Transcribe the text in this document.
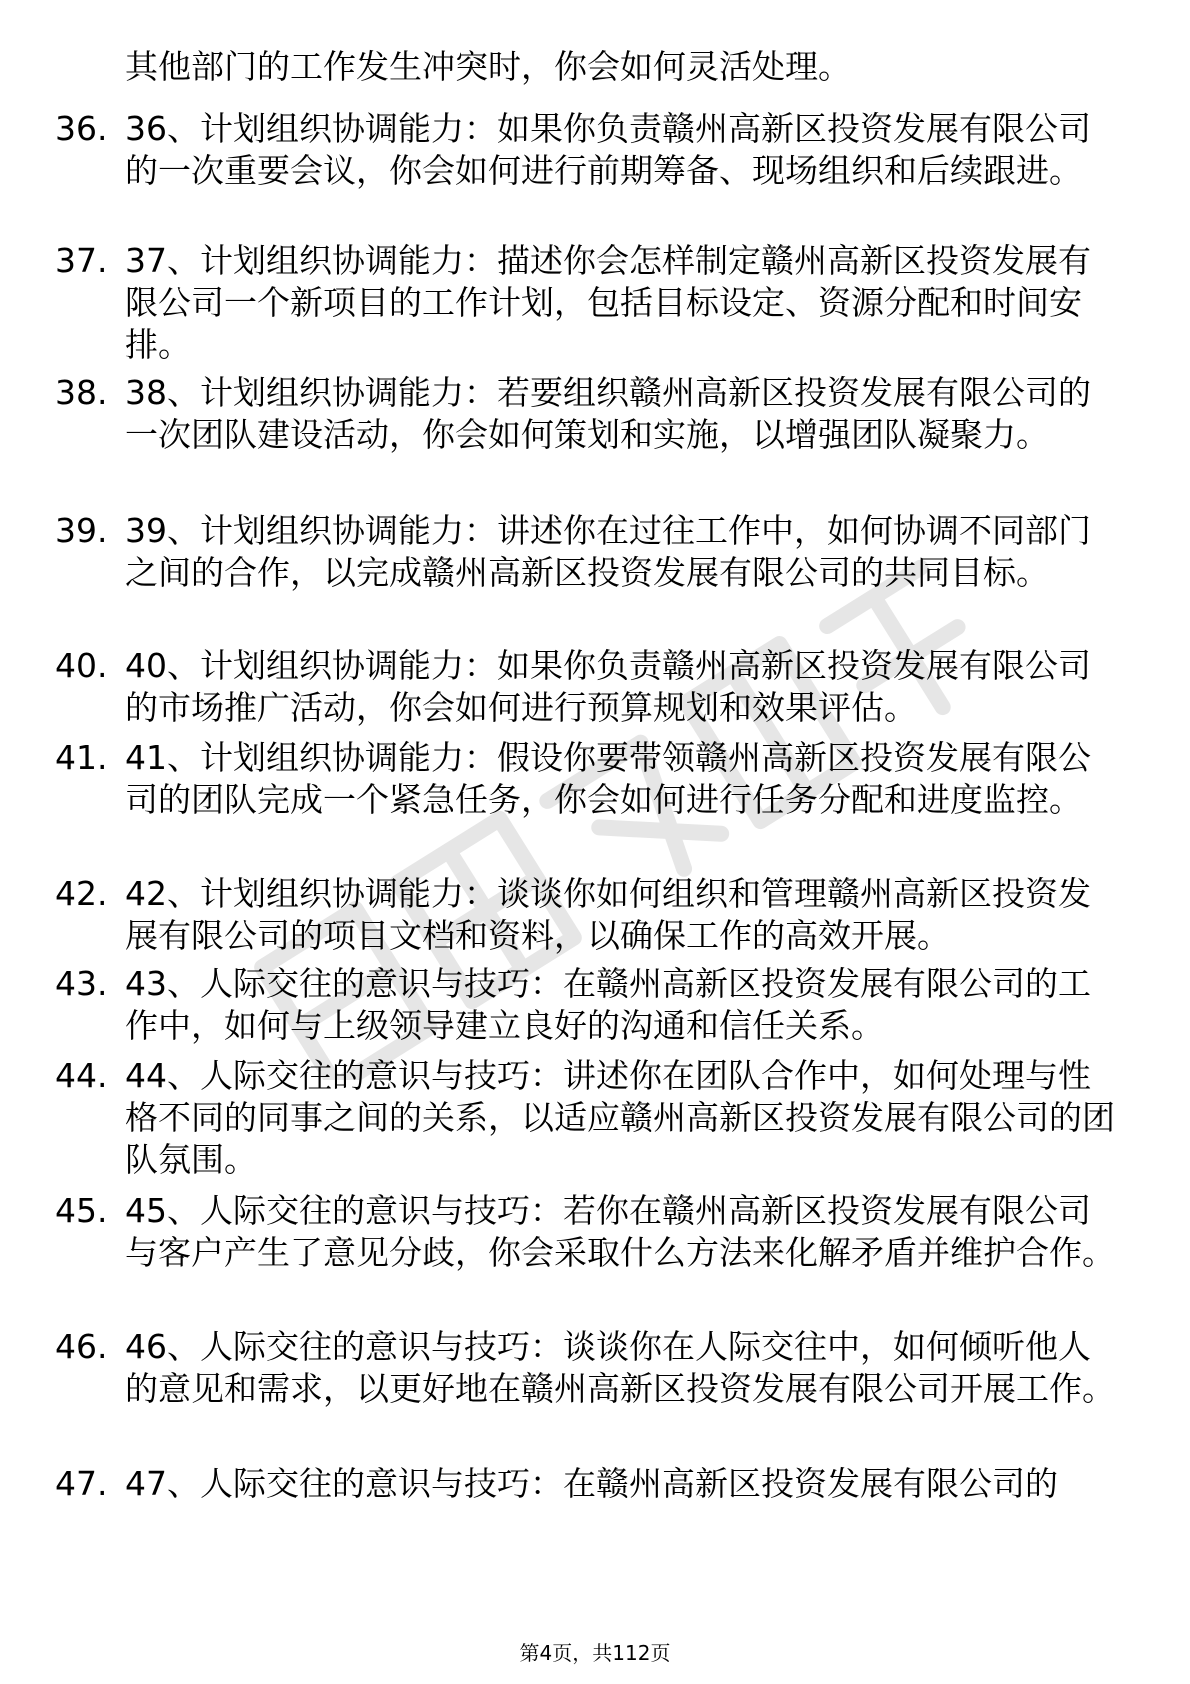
其他部门的工作发生冲突时，你会如何灵活处理。

36. 36、计划组织协调能力：如果你负责赣州高新区投资发展有限公司的一次重要会议，你会如何进行前期筹备、现场组织和后续跟进。
37. 37、计划组织协调能力：描述你会怎样制定赣州高新区投资发展有限公司一个新项目的工作计划，包括目标设定、资源分配和时间安排。
38. 38、计划组织协调能力：若要组织赣州高新区投资发展有限公司的一次团队建设活动，你会如何策划和实施，以增强团队凝聚力。
39. 39、计划组织协调能力：讲述你在过往工作中，如何协调不同部门之间的合作，以完成赣州高新区投资发展有限公司的共同目标。
40. 40、计划组织协调能力：如果你负责赣州高新区投资发展有限公司的市场推广活动，你会如何进行预算规划和效果评估。
41. 41、计划组织协调能力：假设你要带领赣州高新区投资发展有限公司的团队完成一个紧急任务，你会如何进行任务分配和进度监控。
42. 42、计划组织协调能力：谈谈你如何组织和管理赣州高新区投资发展有限公司的项目文档和资料，以确保工作的高效开展。
43. 43、人际交往的意识与技巧：在赣州高新区投资发展有限公司的工作中，如何与上级领导建立良好的沟通和信任关系。
44. 44、人际交往的意识与技巧：讲述你在团队合作中，如何处理与性格不同的同事之间的关系，以适应赣州高新区投资发展有限公司的团队氛围。
45. 45、人际交往的意识与技巧：若你在赣州高新区投资发展有限公司与客户产生了意见分歧，你会采取什么方法来化解矛盾并维护合作。
46. 46、人际交往的意识与技巧：谈谈你在人际交往中，如何倾听他人的意见和需求，以更好地在赣州高新区投资发展有限公司开展工作。
47. 47、人际交往的意识与技巧：在赣州高新区投资发展有限公司的
第4页，共112页
